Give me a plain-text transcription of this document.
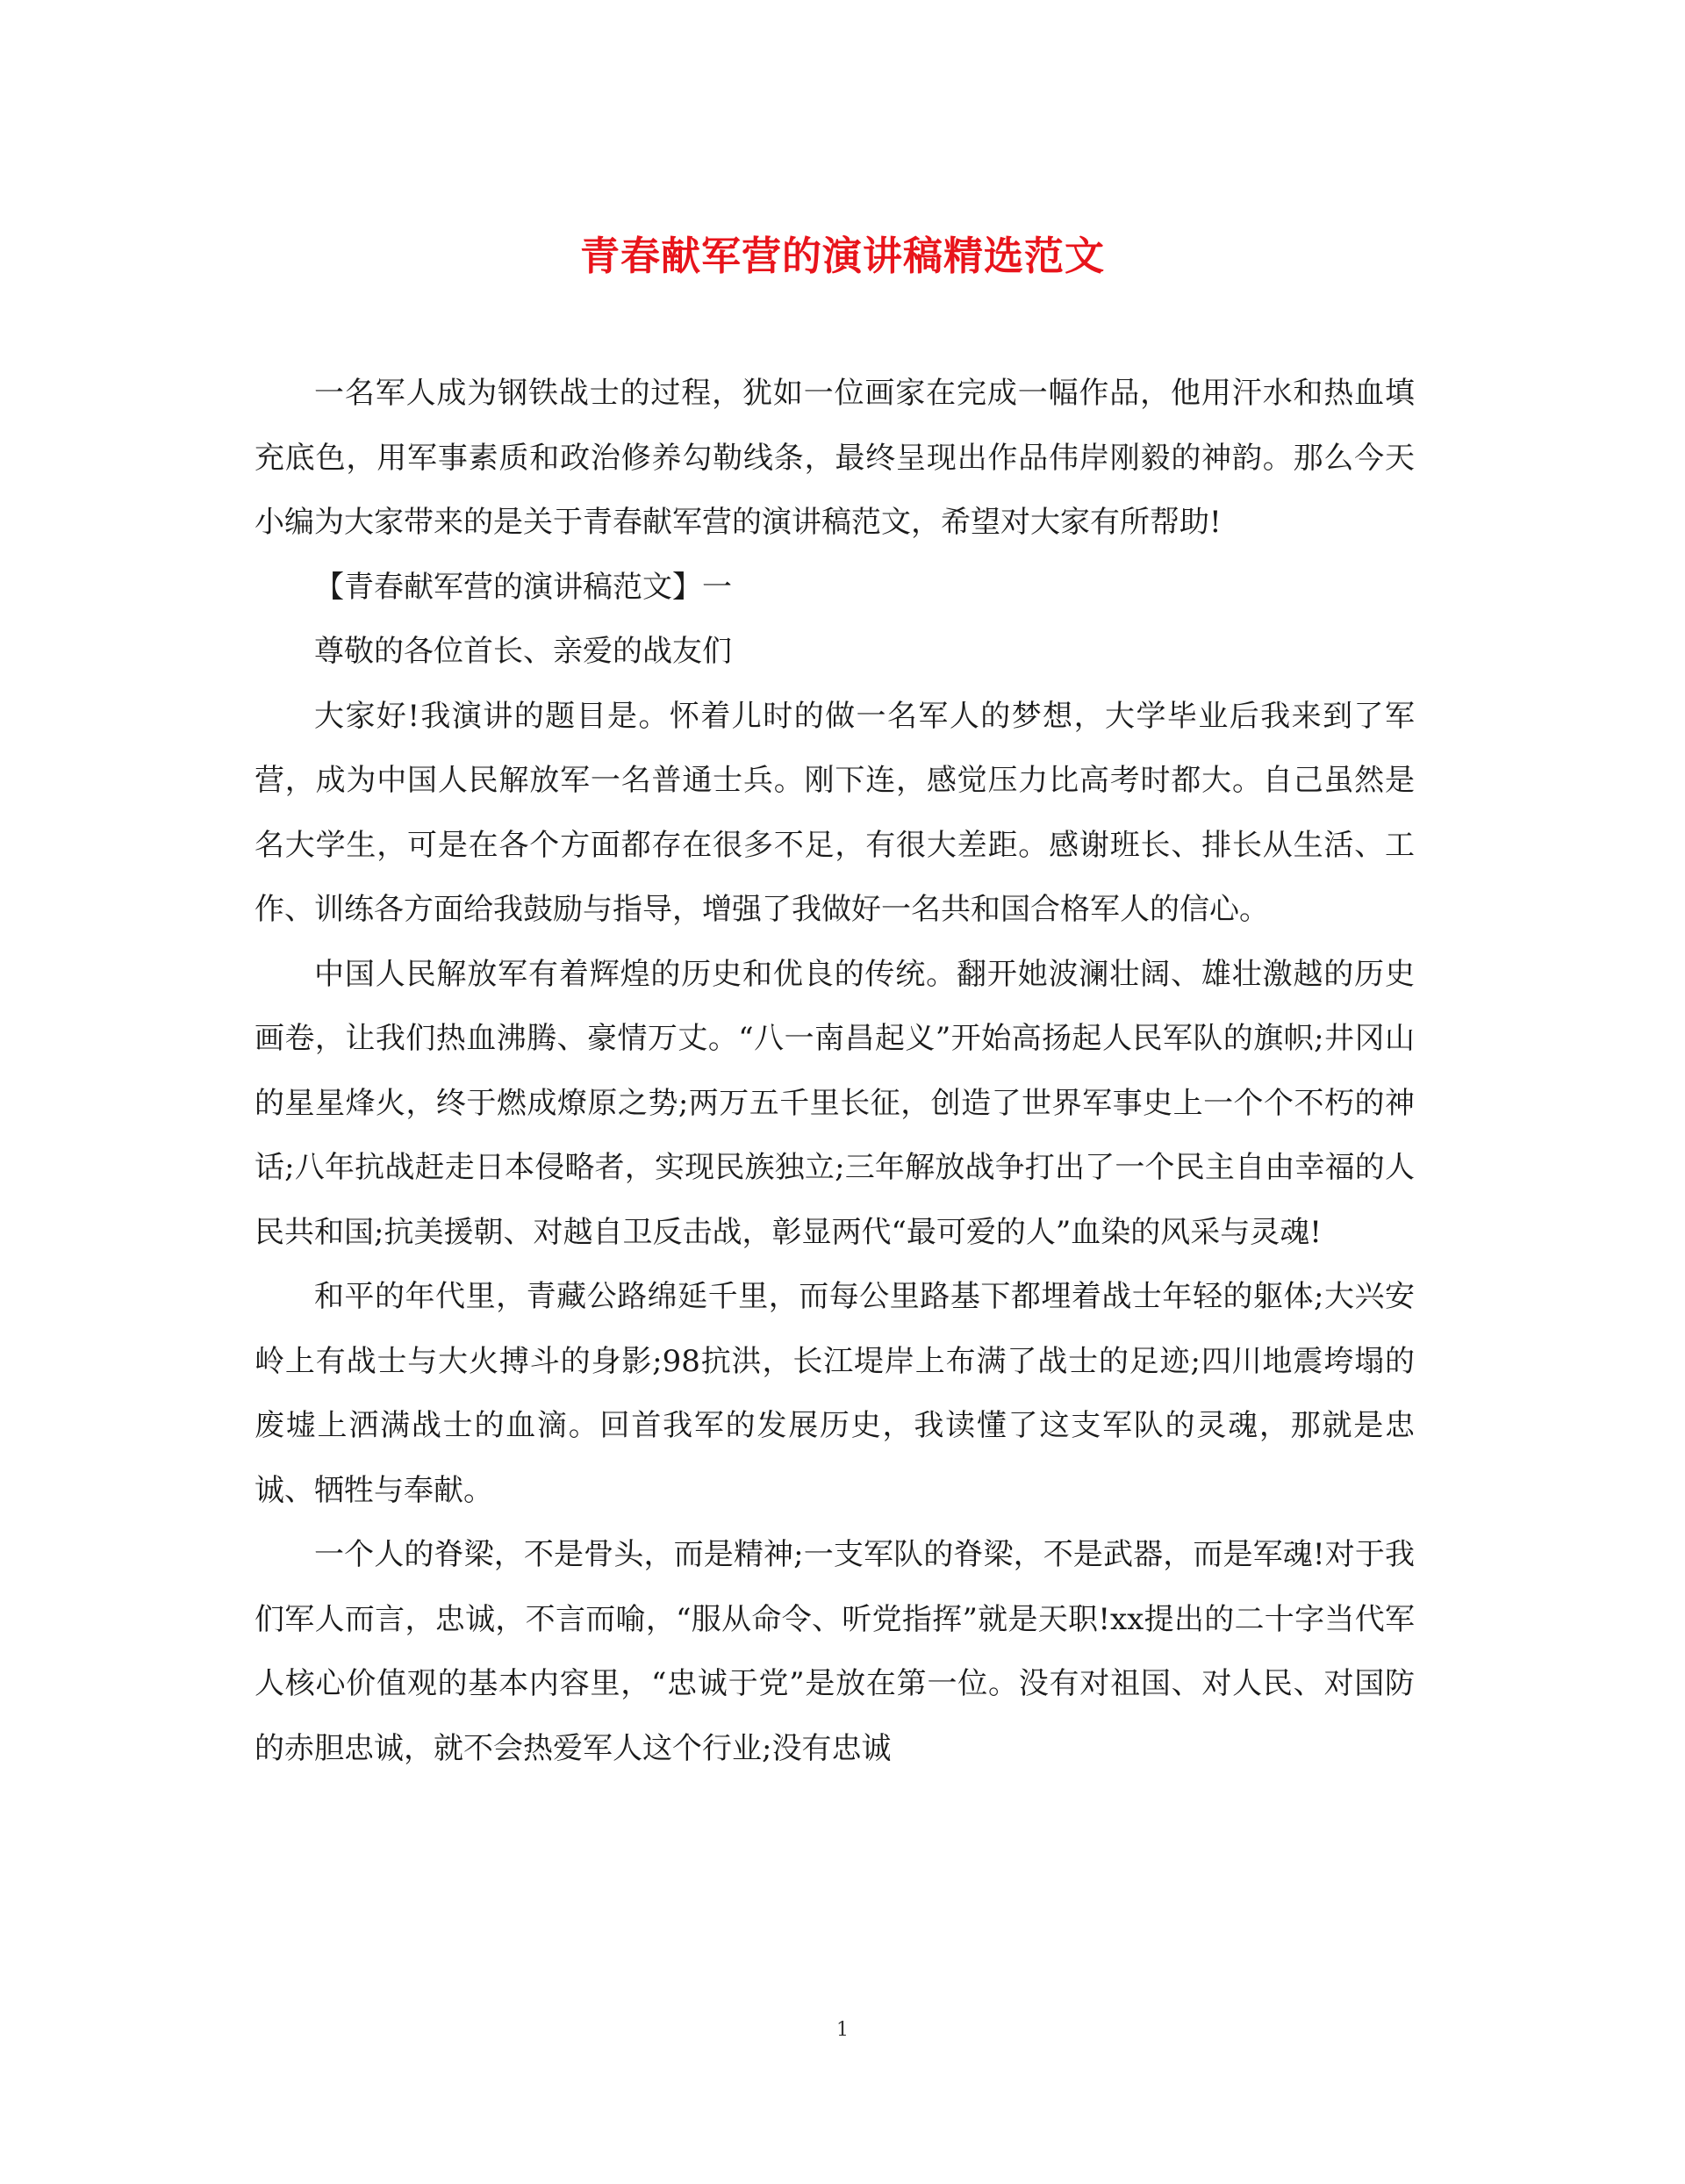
青春献军营的演讲稿精选范文

一名军人成为钢铁战士的过程，犹如一位画家在完成一幅作品，他用汗水和热血填充底色，用军事素质和政治修养勾勒线条，最终呈现出作品伟岸刚毅的神韵。那么今天小编为大家带来的是关于青春献军营的演讲稿范文，希望对大家有所帮助!

【青春献军营的演讲稿范文】一

尊敬的各位首长、亲爱的战友们

大家好!我演讲的题目是。怀着儿时的做一名军人的梦想，大学毕业后我来到了军营，成为中国人民解放军一名普通士兵。刚下连，感觉压力比高考时都大。自己虽然是名大学生，可是在各个方面都存在很多不足，有很大差距。感谢班长、排长从生活、工作、训练各方面给我鼓励与指导，增强了我做好一名共和国合格军人的信心。

中国人民解放军有着辉煌的历史和优良的传统。翻开她波澜壮阔、雄壮激越的历史画卷，让我们热血沸腾、豪情万丈。“八一南昌起义”开始高扬起人民军队的旗帜;井冈山的星星烽火，终于燃成燎原之势;两万五千里长征，创造了世界军事史上一个个不朽的神话;八年抗战赶走日本侵略者，实现民族独立;三年解放战争打出了一个民主自由幸福的人民共和国;抗美援朝、对越自卫反击战，彰显两代“最可爱的人”血染的风采与灵魂!

和平的年代里，青藏公路绵延千里，而每公里路基下都埋着战士年轻的躯体;大兴安岭上有战士与大火搏斗的身影;98抗洪，长江堤岸上布满了战士的足迹;四川地震垮塌的废墟上洒满战士的血滴。回首我军的发展历史，我读懂了这支军队的灵魂，那就是忠诚、牺牲与奉献。

一个人的脊梁，不是骨头，而是精神;一支军队的脊梁，不是武器，而是军魂!对于我们军人而言，忠诚，不言而喻，“服从命令、听党指挥”就是天职!xx提出的二十字当代军人核心价值观的基本内容里，“忠诚于党”是放在第一位。没有对祖国、对人民、对国防的赤胆忠诚，就不会热爱军人这个行业;没有忠诚

1
